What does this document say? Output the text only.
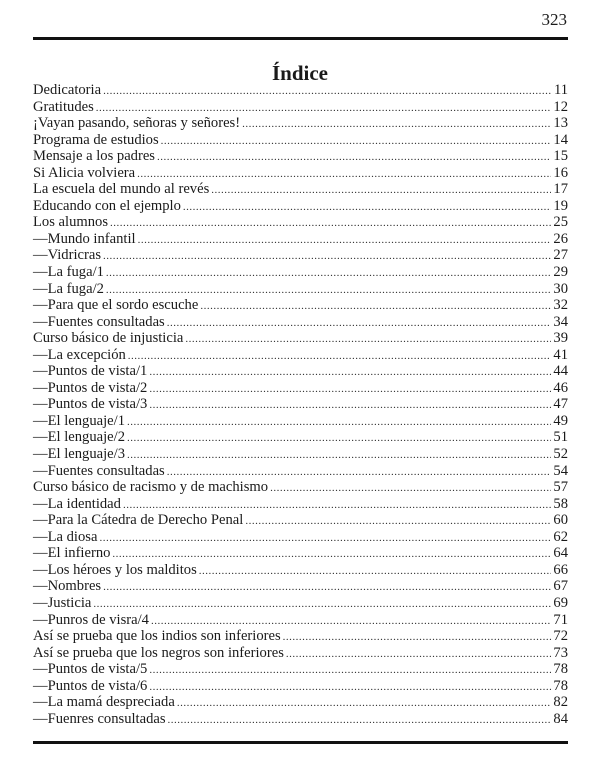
323
Índice
Dedicatoria .....	11
Gratitudes .....	12
¡Vayan pasando, señoras y señores! .....	13
Programa de estudios .....	14
Mensaje a los padres .....	15
Si Alicia volviera .....	16
La escuela del mundo al revés .....	17
Educando con el ejemplo .....	19
Los alumnos .....	25
—Mundo infantil .....	26
—Vidricras .....	27
—La fuga/1 .....	29
—La fuga/2 .....	30
—Para que el sordo escuche .....	32
—Fuentes consultadas .....	34
Curso básico de injusticia .....	39
—La excepción .....	41
—Puntos de vista/1 .....	44
—Puntos de vista/2 .....	46
—Puntos de vista/3 .....	47
—El lenguaje/1 .....	49
—El lenguaje/2 .....	51
—El lenguaje/3 .....	52
—Fuentes consultadas .....	54
Curso básico de racismo y de machismo .....	57
—La identidad .....	58
—Para la Cátedra de Derecho Penal .....	60
—La diosa .....	62
—El infierno .....	64
—Los héroes y los malditos .....	66
—Nombres .....	67
—Justicia .....	69
—Punros de visra/4 .....	71
Así se prueba que los indios son inferiores .....	72
Así se prueba que los negros son inferiores .....	73
—Puntos de vista/5 .....	78
—Puntos de vista/6 .....	78
—La mamá despreciada .....	82
—Fuenres consultadas .....	84
